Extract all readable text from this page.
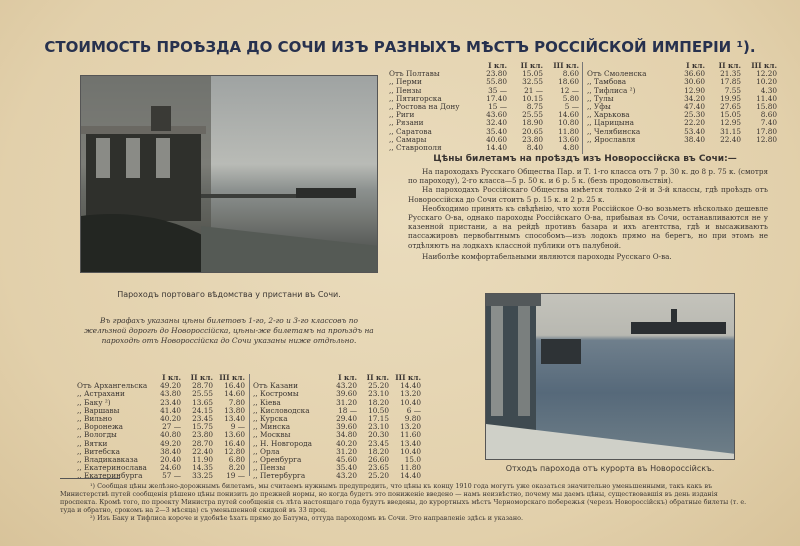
СТОИМОСТЬ ПРОѢЗДА ДО СОЧИ ИЗЪ РАЗНЫХЪ МѢСТЪ РОССІЙСКОЙ ИМПЕРІИ ¹).
Пароходъ портоваго вѣдомства у пристани въ Сочи.
Въ графахъ указаны цѣны билетовъ 1-го, 2-го и 3-го классовъ по желѣзной дорогѣ до Новороссійска, цѣны-же билетамъ на проѣздъ на пароходѣ отъ Новороссійска до Сочи указаны ниже отдѣльно.
Отходъ парохода отъ курорта въ Новороссійскъ.
	I кл.	II кл.	III кл.
Отъ Полтавы	23.80	15.05	8.60
,, Перми	55.80	32.55	18.60
,, Пензы	35 —	21 —	12 —
,, Пятигорска	17.40	10.15	5.80
,, Ростова на Дону	15 —	8.75	5 —
,, Риги	43.60	25.55	14.60
,, Рязани	32.40	18.90	10.80
,, Саратова	35.40	20.65	11.80
,, Самары	40.60	23.80	13.60
,, Ставрополя	14.40	8.40	4.80
	I кл.	II кл.	III кл.
Отъ Смоленска	36.60	21.35	12.20
,, Тамбова	30.60	17.85	10.20
,, Тифлиса ²)	12.90	7.55	4.30
,, Тулы	34.20	19.95	11.40
,, Уфы	47.40	27.65	15.80
,, Харькова	25.30	15.05	8.60
,, Царицына	22.20	12.95	7.40
,, Челябинска	53.40	31.15	17.80
,, Ярославля	38.40	22.40	12.80
Цѣны билетамъ на проѣздъ изъ Новороссійска въ Сочи:—

На пароходахъ Русскаго Общества Пар. и Т. 1-го класса отъ 7 р. 30 к. до 8 р. 75 к. (смотря по пароходу), 2-го класса—5 р. 50 к. и 6 р. 5 к. (безъ продовольствія).

На пароходахъ Россійскаго Общества имѣется только 2-й и 3-й классы, гдѣ проѣздъ отъ Новороссійска до Сочи стоитъ 5 р. 15 к. и 2 р. 25 к.

Необходимо принять къ свѣдѣнію, что хотя Россійское О-во возьметъ нѣсколько дешевле Русскаго О-ва, однако пароходы Россійскаго О-ва, прибывая въ Сочи, останавливаются не у казенной пристани, а на рейдѣ противъ базара и ихъ агентства, гдѣ и высаживаютъ пассажировъ первобытнымъ способомъ—изъ лодокъ прямо на берегъ, но при этомъ не отдѣляютъ на лодкахъ классной публики отъ палубной.

Наиболѣе комфортабельными являются пароходы Русскаго О-ва.

	I кл.	II кл.	III кл.
Отъ Архангельска	49.20	28.70	16.40
,, Астрахани	43.80	25.55	14.60
,, Баку ²)	23.40	13.65	7.80
,, Варшавы	41.40	24.15	13.80
,, Вильно	40.20	23.45	13.40
,, Воронежа	27 —	15.75	9 —
,, Вологды	40.80	23.80	13.60
,, Вятки	49.20	28.70	16.40
,, Витебска	38.40	22.40	12.80
,, Владикавказа	20.40	11.90	6.80
,, Екатеринослава	24.60	14.35	8.20
,, Екатеринбурга	57 —	33.25	19 —
	I кл.	II кл.	III кл.
Отъ Казани	43.20	25.20	14.40
,, Костромы	39.60	23.10	13.20
,, Кіева	31.20	18.20	10.40
,, Кисловодска	18 —	10.50	6 —
,, Курска	29.40	17.15	9.80
,, Минска	39.60	23.10	13.20
,, Москвы	34.80	20.30	11.60
,, Н. Новгорода	40.20	23.45	13.40
,, Орла	31.20	18.20	10.40
,, Оренбурга	45.60	26.60	15.0
,, Пензы	35.40	23.65	11.80
,, Петербурга	43.20	25.20	14.40

¹) Сообщая цѣны желѣзно-дорожнымъ билетамъ, мы считаемъ нужнымъ предупредить, что цѣны къ концу 1910 года могутъ уже оказаться значительно уменьшенными, такъ какъ въ Министерствѣ путей сообщенія рѣшено цѣны понизить до прежней нормы, но когда будетъ это пониженіе введено — намъ неизвѣстно, почему мы даемъ цѣны, существовавшія въ день изданія проспекта. Кромѣ того, по проекту Министра путей сообщенія съ лѣта настоящаго года будутъ введены, до курортныхъ мѣстъ Черноморскаго побережья (черезъ Новороссійскъ) обратные билеты (т. е. туда и обратно, срокомъ на 2—3 мѣсяца) съ уменьшенной скидкой въ 33 проц.

²) Изъ Баку и Тифлиса короче и удобнѣе ѣхать прямо до Батума, оттуда пароходомъ въ Сочи. Это направленіе здѣсь и указано.
